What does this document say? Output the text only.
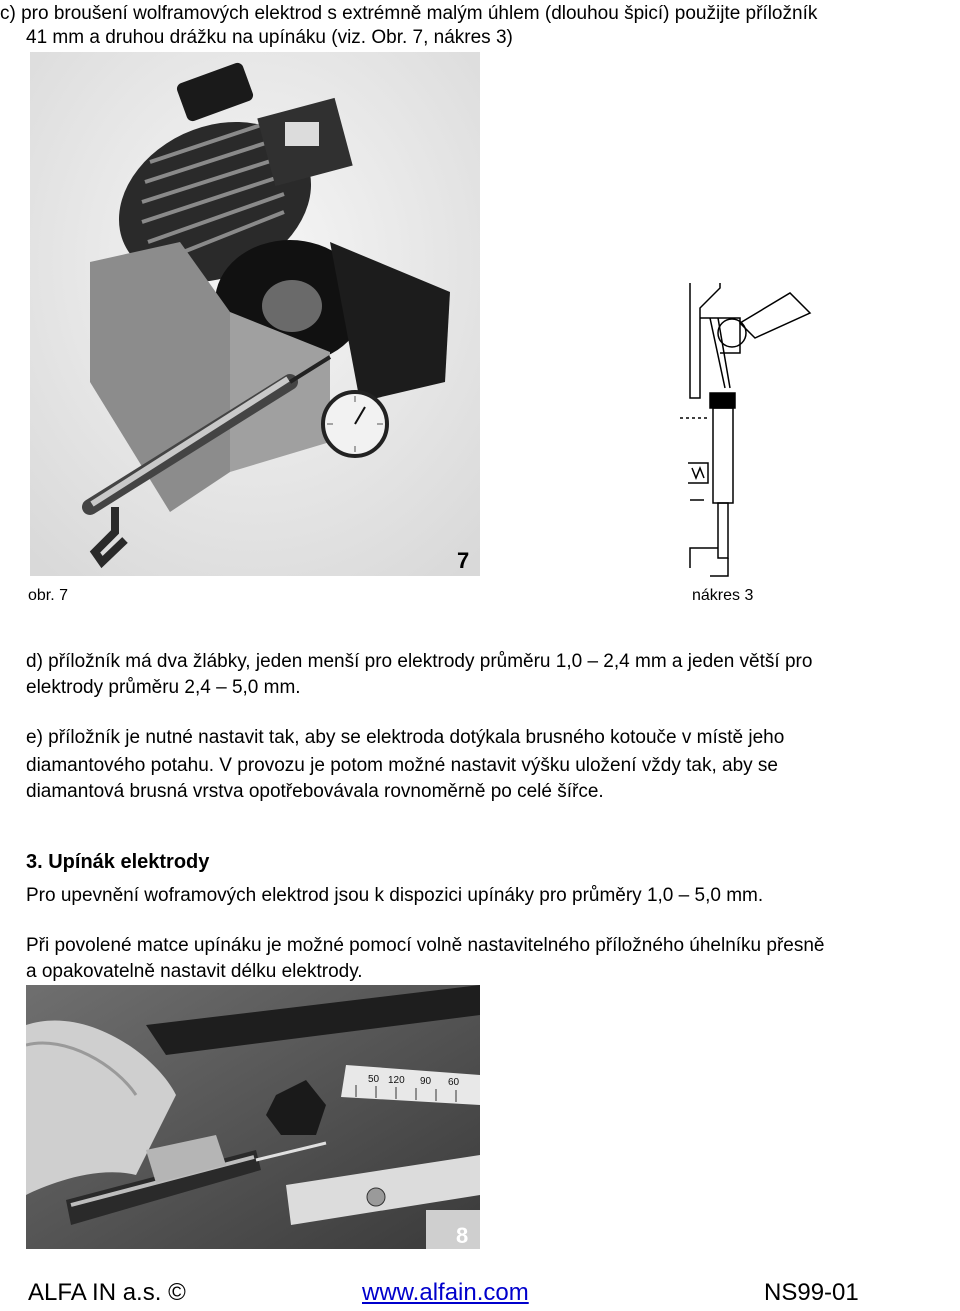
c) pro broušení wolframových elektrod s extrémně malým úhlem (dlouhou špicí) použijte příložník
41 mm a druhou drážku na upínáku (viz. Obr. 7, nákres 3)
7
obr. 7	nákres 3
d) příložník má dva žlábky, jeden menší pro elektrody průměru 1,0 – 2,4 mm a jeden větší pro
elektrody průměru 2,4 – 5,0 mm.
e) příložník je nutné nastavit tak, aby se elektroda dotýkala brusného kotouče v místě jeho
diamantového potahu. V provozu je potom možné nastavit výšku uložení vždy tak, aby se
diamantová brusná vrstva opotřebovávala rovnoměrně po celé šířce.
3. Upínák elektrody
Pro upevnění woframových elektrod jsou k dispozici upínáky pro průměry 1,0 – 5,0 mm.
Při povolené matce upínáku je možné pomocí volně nastavitelného příložného úhelníku přesně
a opakovatelně nastavit délku elektrody.
50 120 90 60
8
ALFA IN a.s. ©	www.alfain.com	NS99-01
